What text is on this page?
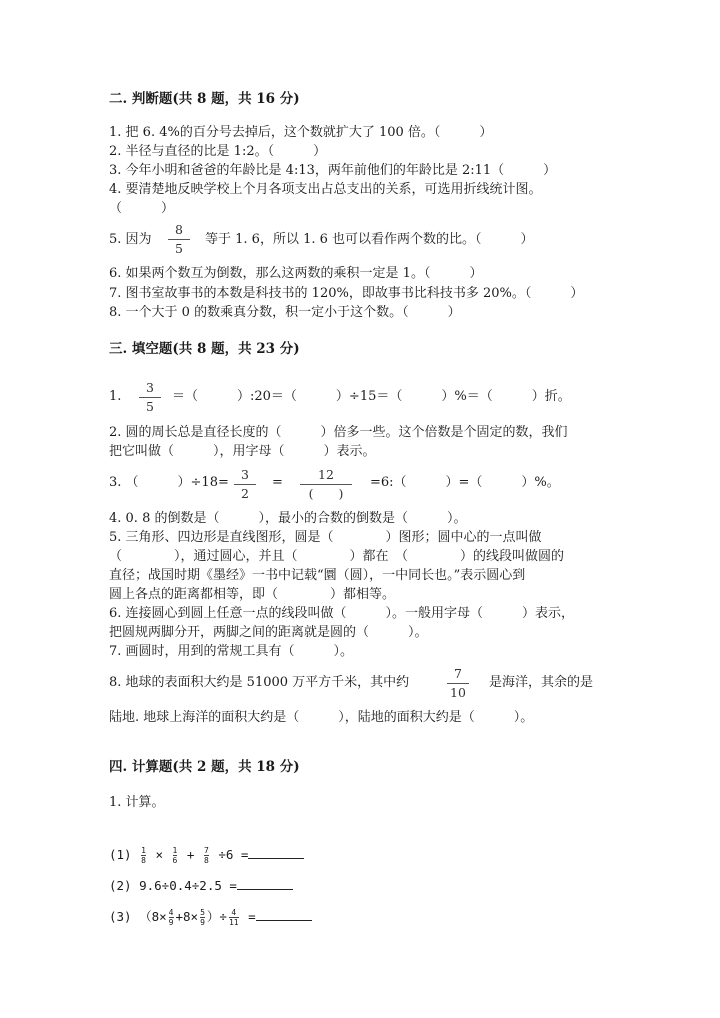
二. 判断题(共 8 题，共 16 分)
1. 把 6. 4%的百分号去掉后，这个数就扩大了 100 倍。（　　　）
2. 半径与直径的比是 1:2。（　　　）
3. 今年小明和爸爸的年龄比是 4:13，两年前他们的年龄比是 2:11（　　　）
4. 要清楚地反映学校上个月各项支出占总支出的关系，可选用折线统计图。
（　　　）
5. 因为 $\frac{8}{5}$ 等于 1. 6，所以 1. 6 也可以看作两个数的比。（　　　）
6. 如果两个数互为倒数，那么这两数的乘积一定是 1。（　　　）
7. 图书室故事书的本数是科技书的 120%，即故事书比科技书多 20%。（　　　）
8. 一个大于 0 的数乘真分数，积一定小于这个数。（　　　）
三. 填空题(共 8 题，共 23 分)
1. $\frac{3}{5}$ ＝（　　　）:20＝（　　　）÷15＝（　　　）%＝（　　　）折。
2. 圆的周长总是直径长度的（　　　）倍多一些。这个倍数是个固定的数，我们
把它叫做（　　　），用字母（　　　）表示。
3. （　　　）$\div 18= \frac{3}{2}$ =
12
(　　)
=6:（　　　）=（　　　）%。
4. 0. 8 的倒数是（　　　），最小的合数的倒数是（　　　）。
5. 三角形、四边形是直线图形，圆是（　　　　）图形；圆中心的一点叫做
（　　　　），通过圆心，并且（　　　　）都在　（　　　　）的线段叫做圆的
直径；战国时期《墨经》一书中记载“圜（圆），一中同长也。”表示圆心到
圆上各点的距离都相等，即（　　　　）都相等。
6. 连接圆心到圆上任意一点的线段叫做（　　　）。一般用字母（　　　）表示，
把圆规两脚分开，两脚之间的距离就是圆的（　　　）。
7. 画圆时，用到的常规工具有（　　　）。
8. 地球的表面积大约是 51000 万平方千米，其中约	$\frac{7}{10}$ 是海洋，其余的是
陆地. 地球上海洋的面积大约是（　　　），陆地的面积大约是（　　　）。
四. 计算题(共 2 题，共 18 分)
1. 计算。
$(1) \frac{1}{8} \times \frac{1}{6} + \frac{7}{8} \div 6$ =
(2) 9.6÷0.4÷2.5 =
(3) （$8\times \frac{4}{9} +8\times \frac{5}{9}$ ）÷ $\frac{4}{11}$ =
